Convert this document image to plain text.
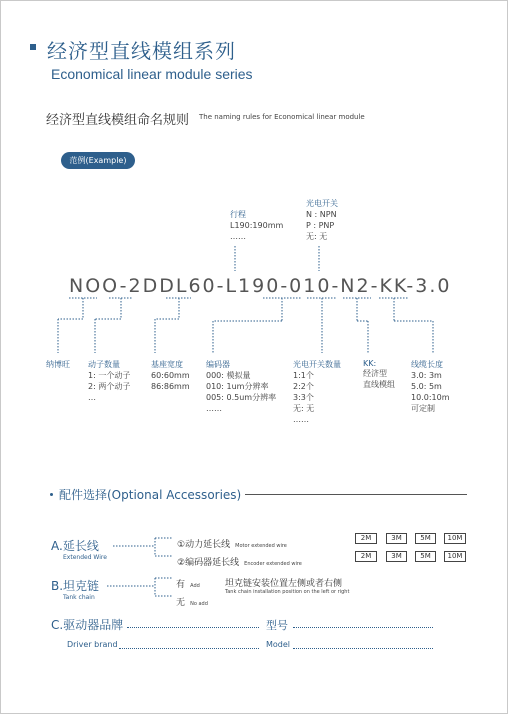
经济型直线模组系列
Economical linear module series
经济型直线模组命名规则 The naming rules for Economical linear module
范例(Example)
行程
L190:190mm
……
光电开关
N : NPN
P : PNP
无: 无
NOO-2DDL60-L190-010-N2-KK-3.0
纳博旺 动子数量
1: 一个动子
2: 两个动子
…
基座宽度
60:60mm
86:86mm
编码器
000: 模拟量
010: 1um分辨率
005: 0.5um分辨率
……
光电开关数量
1:1个
2:2个
3:3个
无: 无
……
KK:
经济型
直线模组
线缆长度
3.0: 3m
5.0: 5m
10.0:10m
可定制
配件选择(Optional Accessories)
A.延长线
Extended Wire
①动力延长线 Motor extended wire
②编码器延长线 Encoder extended wire
2M	3M	5M	10M
2M	3M	5M	10M
B.坦克链
Tank chain
有 Add
无 No add
坦克链安装位置左侧或者右侧
Tank chain installation position on the left or right
C.驱动器品牌	型号
Driver brand	Model
